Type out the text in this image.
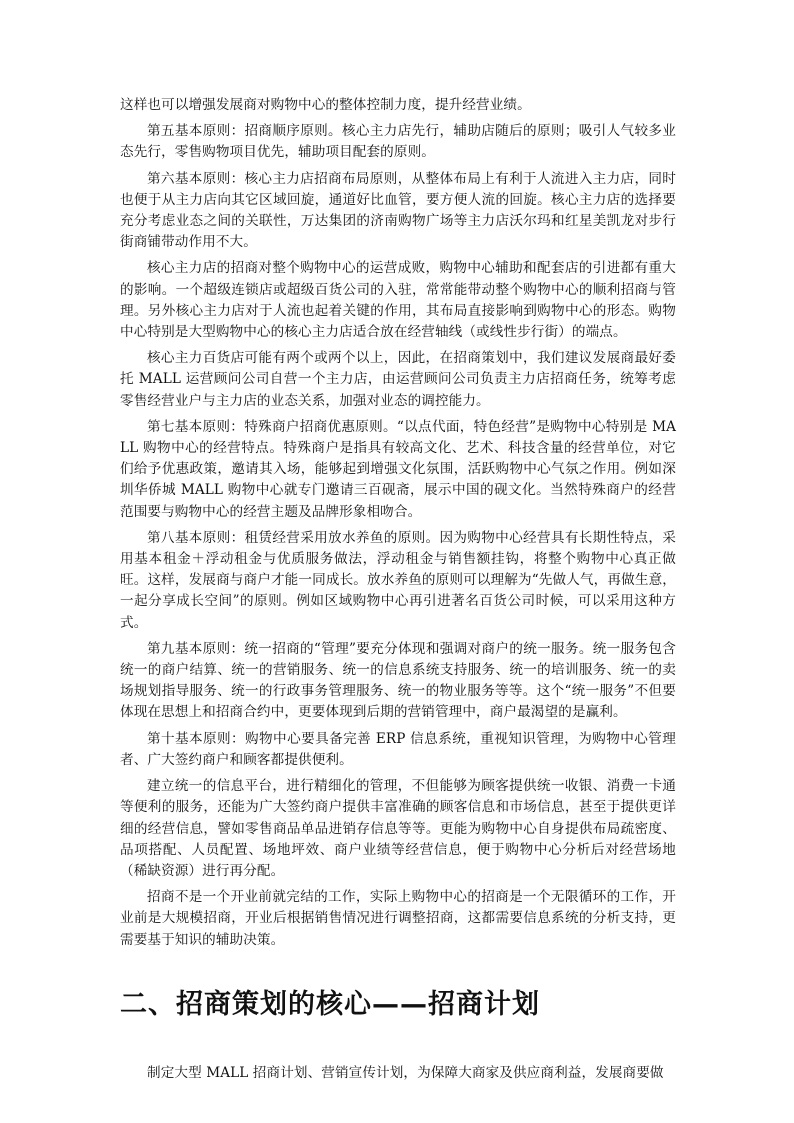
这样也可以增强发展商对购物中心的整体控制力度，提升经营业绩。

第五基本原则：招商顺序原则。核心主力店先行，辅助店随后的原则；吸引人气较多业态先行，零售购物项目优先，辅助项目配套的原则。

第六基本原则：核心主力店招商布局原则，从整体布局上有利于人流进入主力店，同时也便于从主力店向其它区域回旋，通道好比血管，要方便人流的回旋。核心主力店的选择要充分考虑业态之间的关联性，万达集团的济南购物广场等主力店沃尔玛和红星美凯龙对步行街商铺带动作用不大。

核心主力店的招商对整个购物中心的运营成败，购物中心辅助和配套店的引进都有重大的影响。一个超级连锁店或超级百货公司的入驻，常常能带动整个购物中心的顺利招商与管理。另外核心主力店对于人流也起着关键的作用，其布局直接影响到购物中心的形态。购物中心特别是大型购物中心的核心主力店适合放在经营轴线（或线性步行街）的端点。

核心主力百货店可能有两个或两个以上，因此，在招商策划中，我们建议发展商最好委托 MALL 运营顾问公司自营一个主力店，由运营顾问公司负责主力店招商任务，统筹考虑零售经营业户与主力店的业态关系，加强对业态的调控能力。

第七基本原则：特殊商户招商优惠原则。“以点代面，特色经营”是购物中心特别是 MALL 购物中心的经营特点。特殊商户是指具有较高文化、艺术、科技含量的经营单位，对它们给予优惠政策，邀请其入场，能够起到增强文化氛围，活跃购物中心气氛之作用。例如深圳华侨城 MALL 购物中心就专门邀请三百砚斋，展示中国的砚文化。当然特殊商户的经营范围要与购物中心的经营主题及品牌形象相吻合。

第八基本原则：租赁经营采用放水养鱼的原则。因为购物中心经营具有长期性特点，采用基本租金＋浮动租金与优质服务做法，浮动租金与销售额挂钩，将整个购物中心真正做旺。这样，发展商与商户才能一同成长。放水养鱼的原则可以理解为“先做人气，再做生意，一起分享成长空间”的原则。例如区域购物中心再引进著名百货公司时候，可以采用这种方式。

第九基本原则：统一招商的“管理”要充分体现和强调对商户的统一服务。统一服务包含统一的商户结算、统一的营销服务、统一的信息系统支持服务、统一的培训服务、统一的卖场规划指导服务、统一的行政事务管理服务、统一的物业服务等等。这个“统一服务”不但要体现在思想上和招商合约中，更要体现到后期的营销管理中，商户最渴望的是赢利。

第十基本原则：购物中心要具备完善 ERP 信息系统，重视知识管理，为购物中心管理者、广大签约商户和顾客都提供便利。

建立统一的信息平台，进行精细化的管理，不但能够为顾客提供统一收银、消费一卡通等便利的服务，还能为广大签约商户提供丰富准确的顾客信息和市场信息，甚至于提供更详细的经营信息，譬如零售商品单品进销存信息等等。更能为购物中心自身提供布局疏密度、品项搭配、人员配置、场地坪效、商户业绩等经营信息，便于购物中心分析后对经营场地（稀缺资源）进行再分配。

招商不是一个开业前就完结的工作，实际上购物中心的招商是一个无限循环的工作，开业前是大规模招商，开业后根据销售情况进行调整招商，这都需要信息系统的分析支持，更需要基于知识的辅助决策。

二、招商策划的核心——招商计划

制定大型 MALL 招商计划、营销宣传计划，为保障大商家及供应商利益，发展商要做
